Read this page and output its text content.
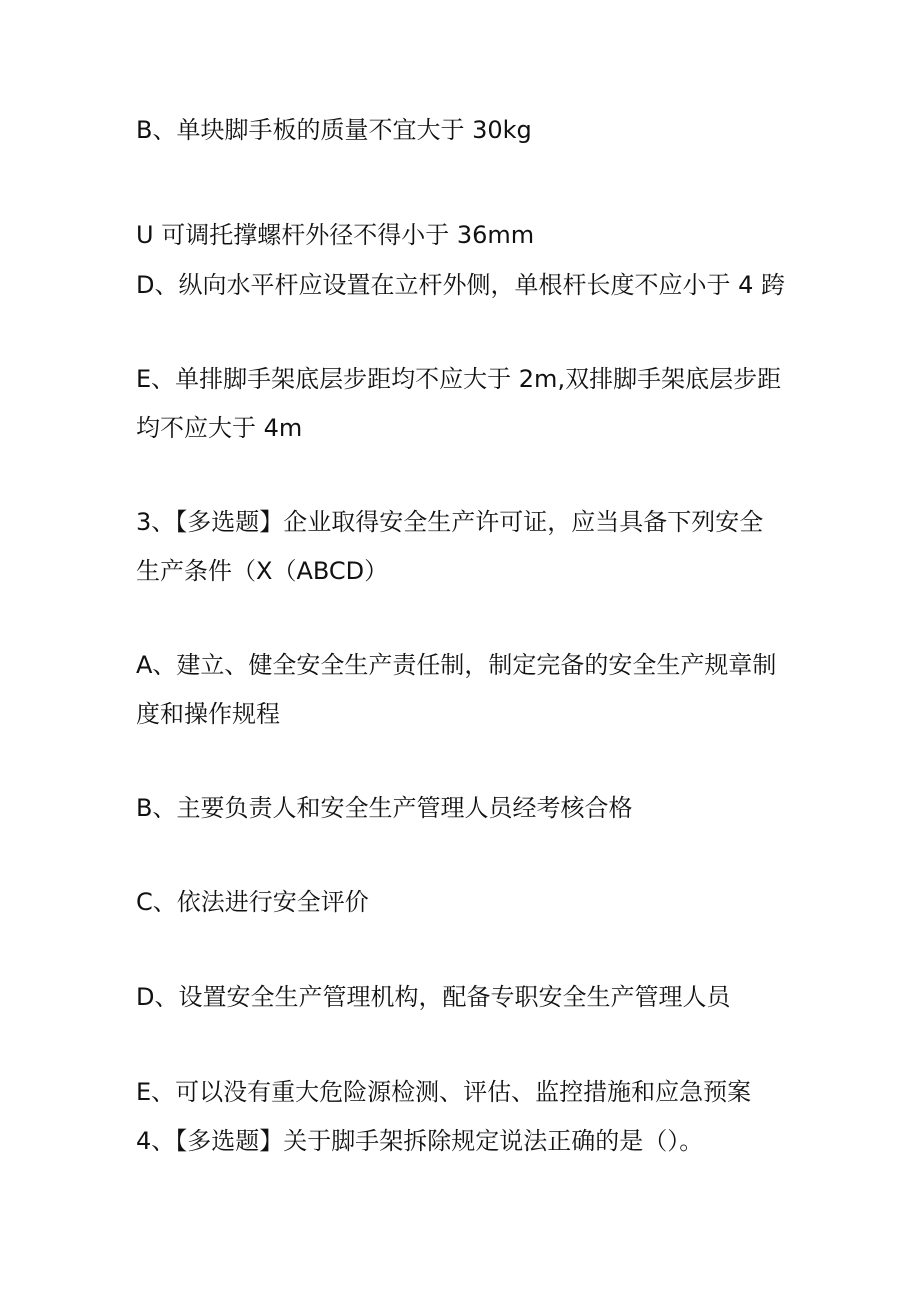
B、单块脚手板的质量不宜大于 30kg
U 可调托撑螺杆外径不得小于 36mm
D、纵向水平杆应设置在立杆外侧，单根杆长度不应小于 4 跨
E、单排脚手架底层步距均不应大于 2m,双排脚手架底层步距
均不应大于 4m
3、【多选题】企业取得安全生产许可证，应当具备下列安全
生产条件（X（ABCD）
A、建立、健全安全生产责任制，制定完备的安全生产规章制
度和操作规程
B、主要负责人和安全生产管理人员经考核合格
C、依法进行安全评价
D、设置安全生产管理机构，配备专职安全生产管理人员
E、可以没有重大危险源检测、评估、监控措施和应急预案
4、【多选题】关于脚手架拆除规定说法正确的是（）。
